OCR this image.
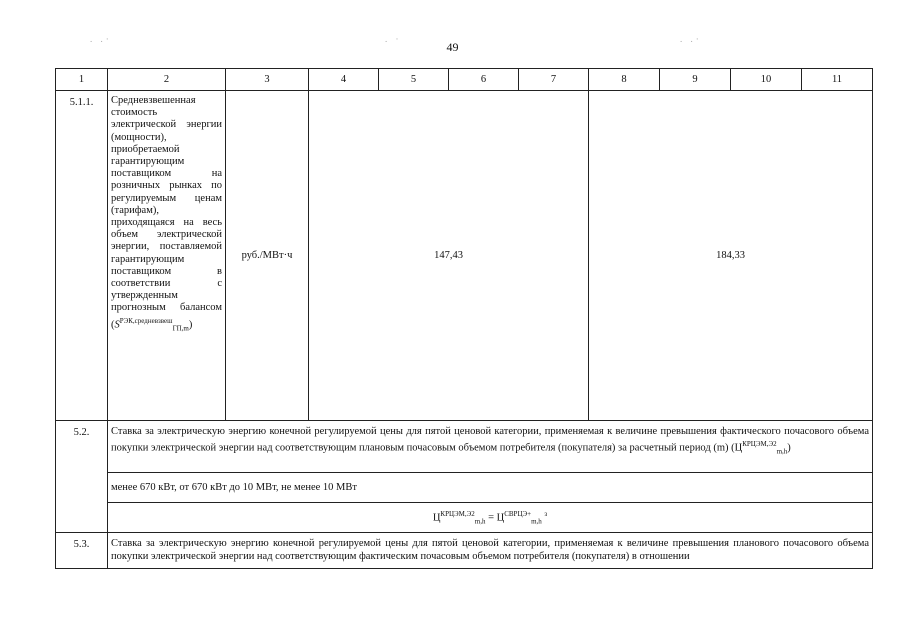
. .·	. ·	. .·
49
1	2	3	4	5	6	7	8	9	10	11
5.1.1.	Средневзвешенная стоимость электрической энергии (мощности), приобретаемой гарантирующим поставщиком на розничных рынках по регулируемым ценам (тарифам), приходящаяся на весь объем электрической энергии, поставляемой гарантирующим поставщиком в соответствии с утвержденным прогнозным балансом $(S^{РЭК,средневзвеш}_{ГП,m})$	руб./МВт·ч	147,43				184,33			
5.2.	Ставка за электрическую энергию конечной регулируемой цены для пятой ценовой категории, применяемая к величине превышения фактического почасового объема покупки электрической энергии над соответствующим плановым почасовым объемом потребителя (покупателя) за расчетный период (m) $(Ц^{КРЦЭМ,Э2}_{m,h})$									
	менее 670 кВт, от 670 кВт до 10 МВт, не менее 10 МВт									
	$Ц^{КРЦЭМ,Э2}_{m,h} = Ц^{СВРЦЭ+}_{m,h}$ $^з$
5.3.	Ставка за электрическую энергию конечной регулируемой цены для пятой ценовой категории, применяемая к величине превышения планового почасового объема покупки электрической энергии над соответствующим фактическим почасовым объемом потребителя (покупателя) в отношении									
